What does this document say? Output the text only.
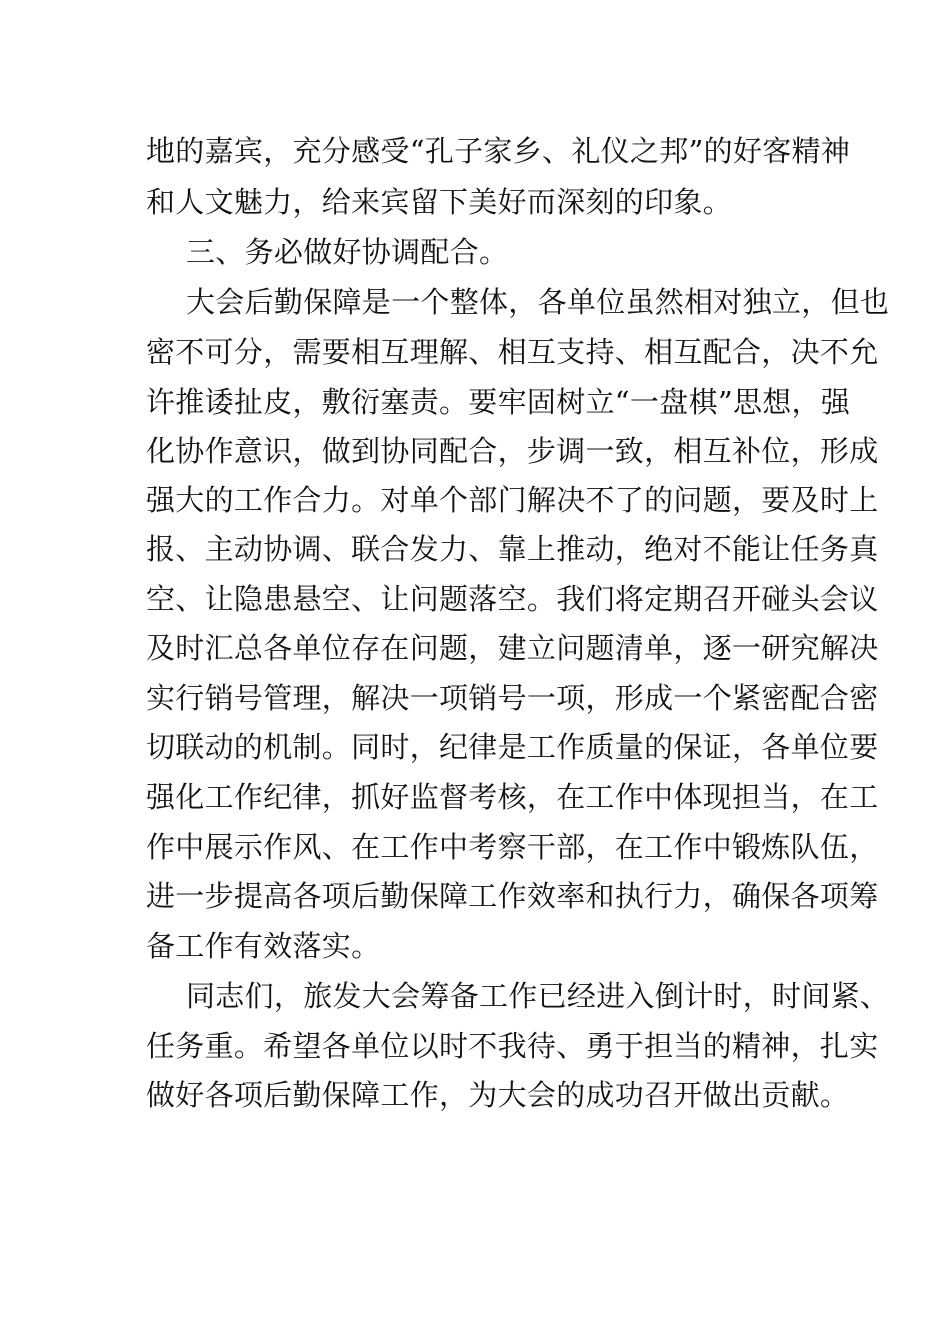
地的嘉宾，充分感受“孔子家乡、礼仪之邦”的好客精神
和人文魅力，给来宾留下美好而深刻的印象。
三、务必做好协调配合。
大会后勤保障是一个整体，各单位虽然相对独立，但也
密不可分，需要相互理解、相互支持、相互配合，决不允
许推诿扯皮，敷衍塞责。要牢固树立“一盘棋”思想，强
化协作意识，做到协同配合，步调一致，相互补位，形成
强大的工作合力。对单个部门解决不了的问题，要及时上
报、主动协调、联合发力、靠上推动，绝对不能让任务真
空、让隐患悬空、让问题落空。我们将定期召开碰头会议
及时汇总各单位存在问题，建立问题清单，逐一研究解决
实行销号管理，解决一项销号一项，形成一个紧密配合密
切联动的机制。同时，纪律是工作质量的保证，各单位要
强化工作纪律，抓好监督考核，在工作中体现担当，在工
作中展示作风、在工作中考察干部，在工作中锻炼队伍，
进一步提高各项后勤保障工作效率和执行力，确保各项筹
备工作有效落实。
同志们，旅发大会筹备工作已经进入倒计时，时间紧、
任务重。希望各单位以时不我待、勇于担当的精神，扎实
做好各项后勤保障工作，为大会的成功召开做出贡献。
